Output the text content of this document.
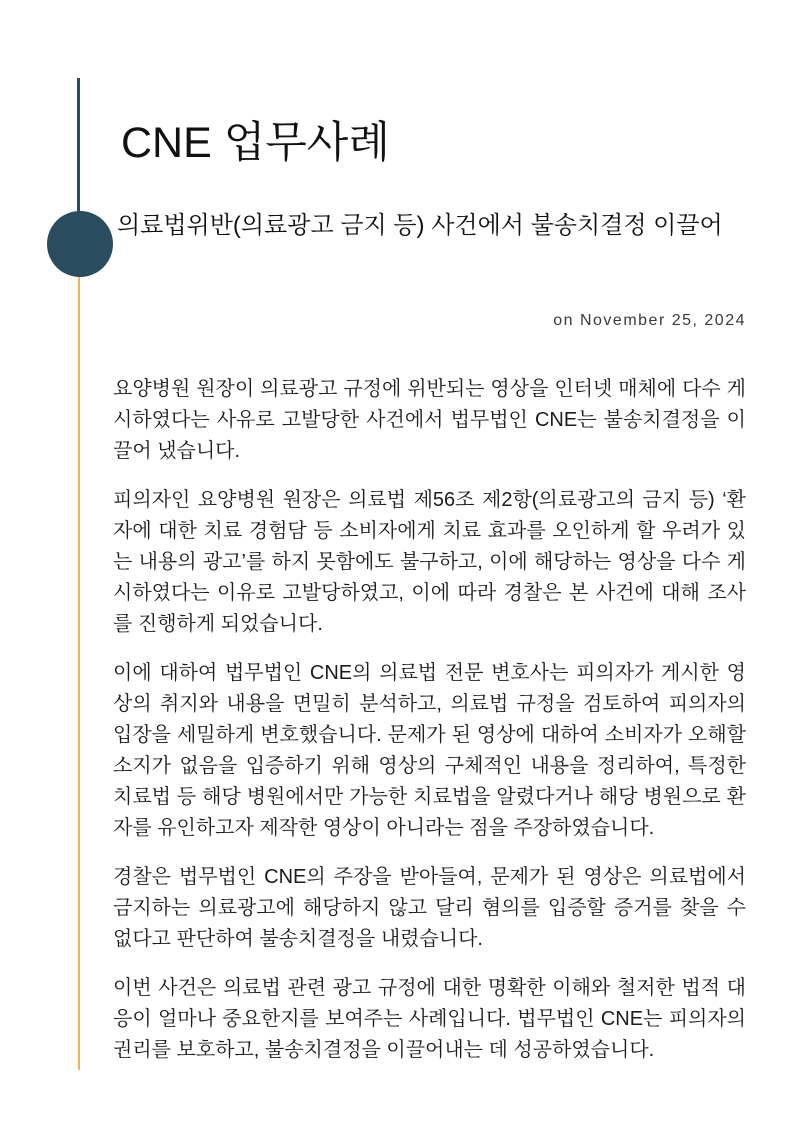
CNE 업무사례
의료법위반(의료광고 금지 등) 사건에서 불송치결정 이끌어
on November 25, 2024

요양병원 원장이 의료광고 규정에 위반되는 영상을 인터넷 매체에 다수 게시하였다는 사유로 고발당한 사건에서 법무법인 CNE는 불송치결정을 이끌어 냈습니다.

피의자인 요양병원 원장은 의료법 제56조 제2항(의료광고의 금지 등) ‘환자에 대한 치료 경험담 등 소비자에게 치료 효과를 오인하게 할 우려가 있는 내용의 광고’를 하지 못함에도 불구하고, 이에 해당하는 영상을 다수 게시하였다는 이유로 고발당하였고, 이에 따라 경찰은 본 사건에 대해 조사를 진행하게 되었습니다.

이에 대하여 법무법인 CNE의 의료법 전문 변호사는 피의자가 게시한 영상의 취지와 내용을 면밀히 분석하고, 의료법 규정을 검토하여 피의자의 입장을 세밀하게 변호했습니다. 문제가 된 영상에 대하여 소비자가 오해할 소지가 없음을 입증하기 위해 영상의 구체적인 내용을 정리하여, 특정한 치료법 등 해당 병원에서만 가능한 치료법을 알렸다거나 해당 병원으로 환자를 유인하고자 제작한 영상이 아니라는 점을 주장하였습니다.

경찰은 법무법인 CNE의 주장을 받아들여, 문제가 된 영상은 의료법에서 금지하는 의료광고에 해당하지 않고 달리 혐의를 입증할 증거를 찾을 수 없다고 판단하여 불송치결정을 내렸습니다.

이번 사건은 의료법 관련 광고 규정에 대한 명확한 이해와 철저한 법적 대응이 얼마나 중요한지를 보여주는 사례입니다. 법무법인 CNE는 피의자의 권리를 보호하고, 불송치결정을 이끌어내는 데 성공하였습니다.
